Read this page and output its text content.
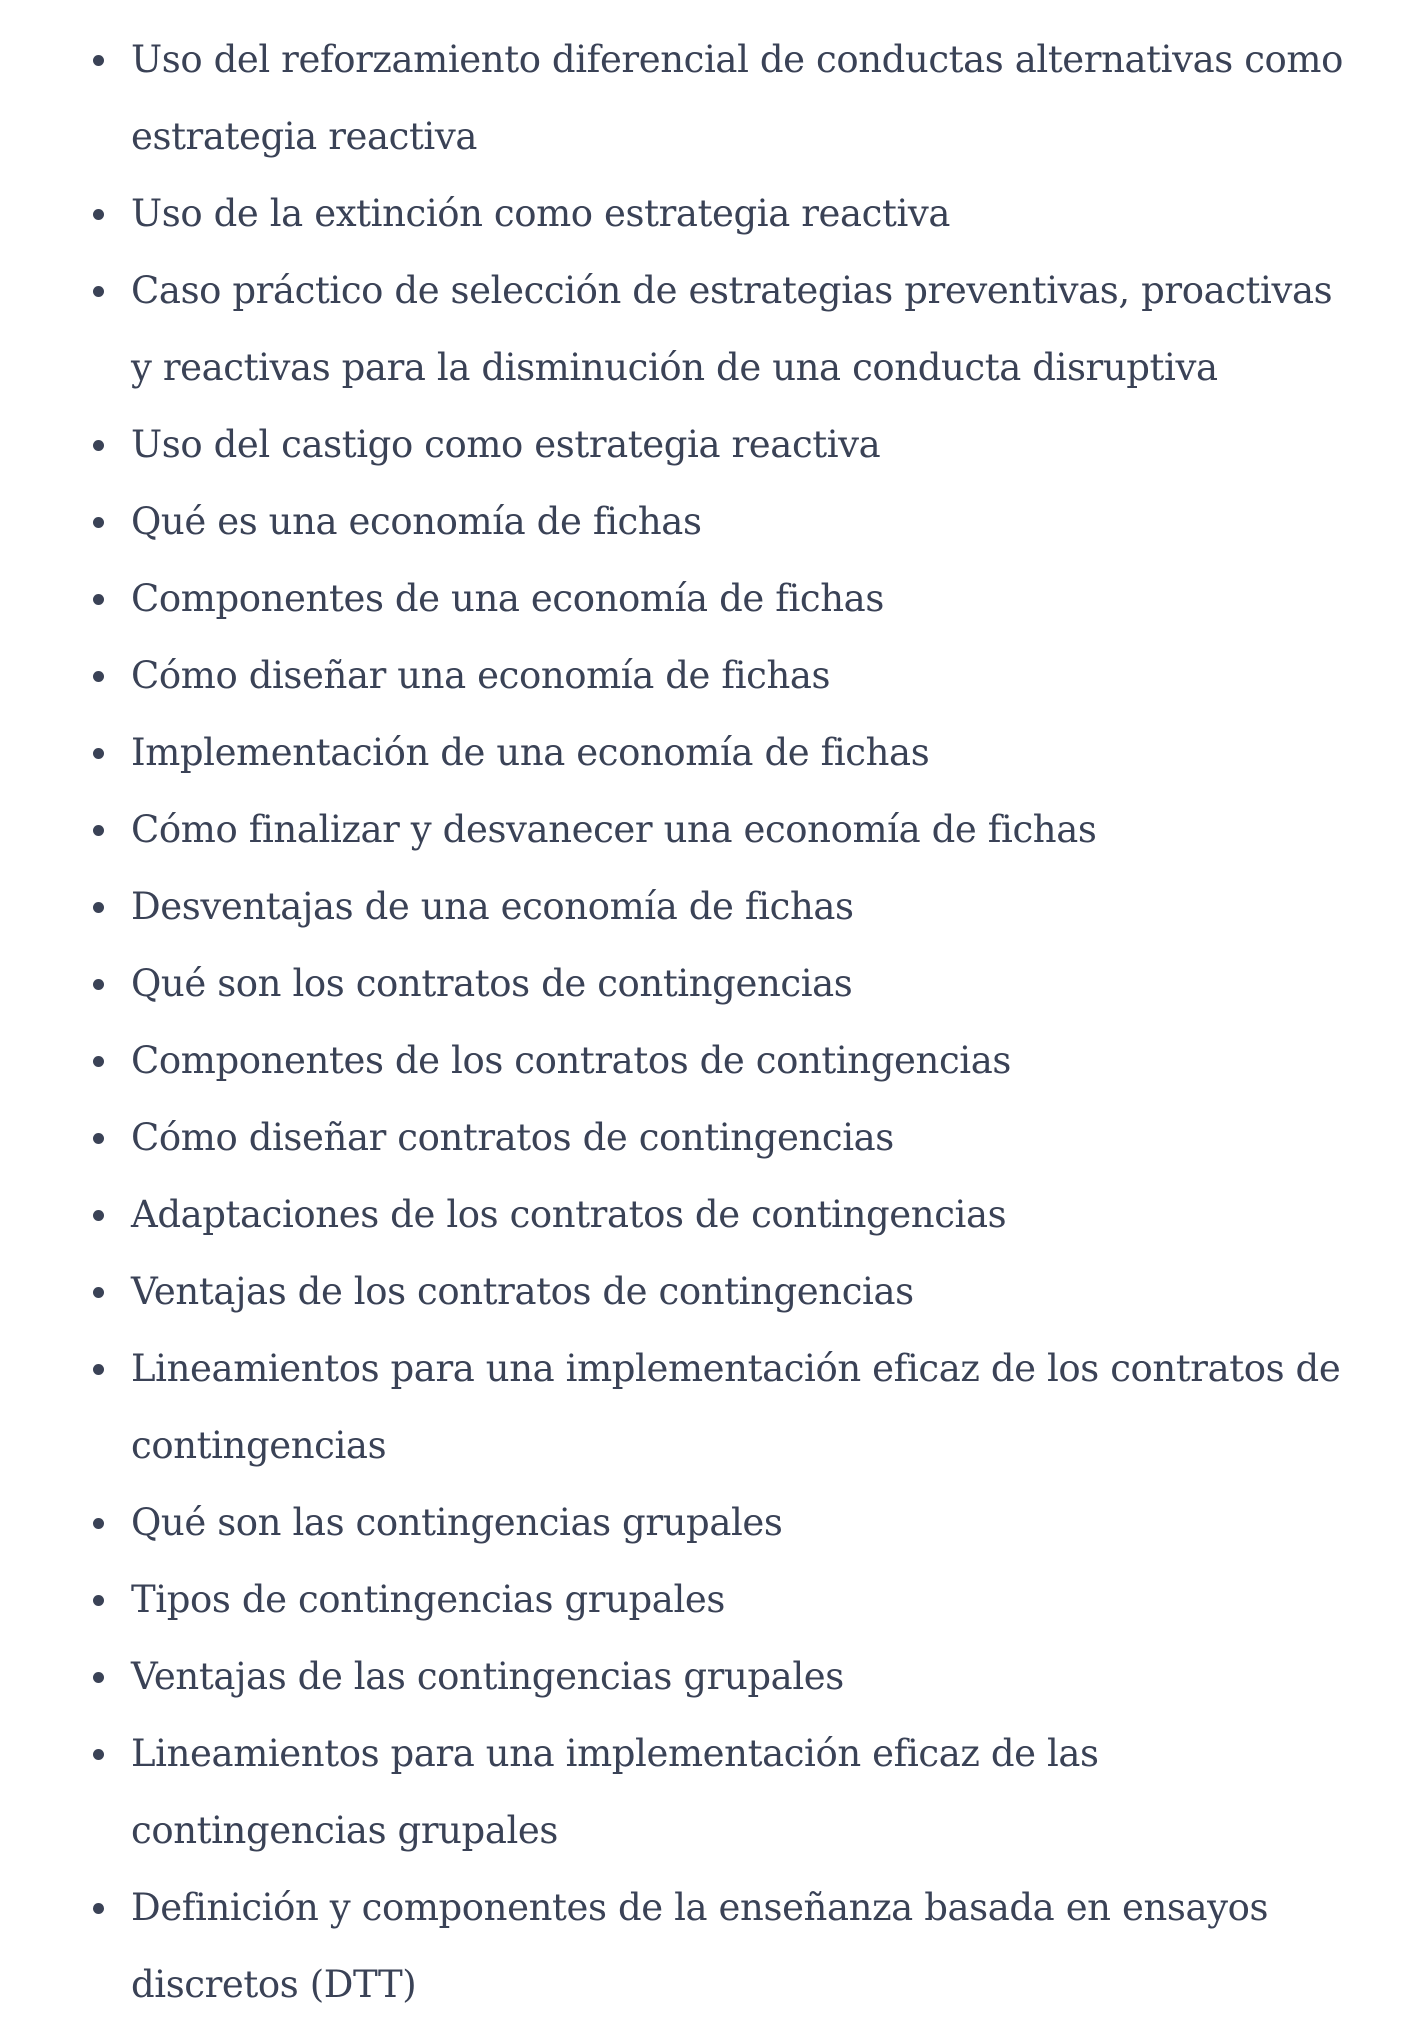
Uso del reforzamiento diferencial de conductas alternativas como estrategia reactiva
Uso de la extinción como estrategia reactiva
Caso práctico de selección de estrategias preventivas, proactivas y reactivas para la disminución de una conducta disruptiva
Uso del castigo como estrategia reactiva
Qué es una economía de fichas
Componentes de una economía de fichas
Cómo diseñar una economía de fichas
Implementación de una economía de fichas
Cómo finalizar y desvanecer una economía de fichas
Desventajas de una economía de fichas
Qué son los contratos de contingencias
Componentes de los contratos de contingencias
Cómo diseñar contratos de contingencias
Adaptaciones de los contratos de contingencias
Ventajas de los contratos de contingencias
Lineamientos para una implementación eficaz de los contratos de contingencias
Qué son las contingencias grupales
Tipos de contingencias grupales
Ventajas de las contingencias grupales
Lineamientos para una implementación eficaz de las contingencias grupales
Definición y componentes de la enseñanza basada en ensayos discretos (DTT)
